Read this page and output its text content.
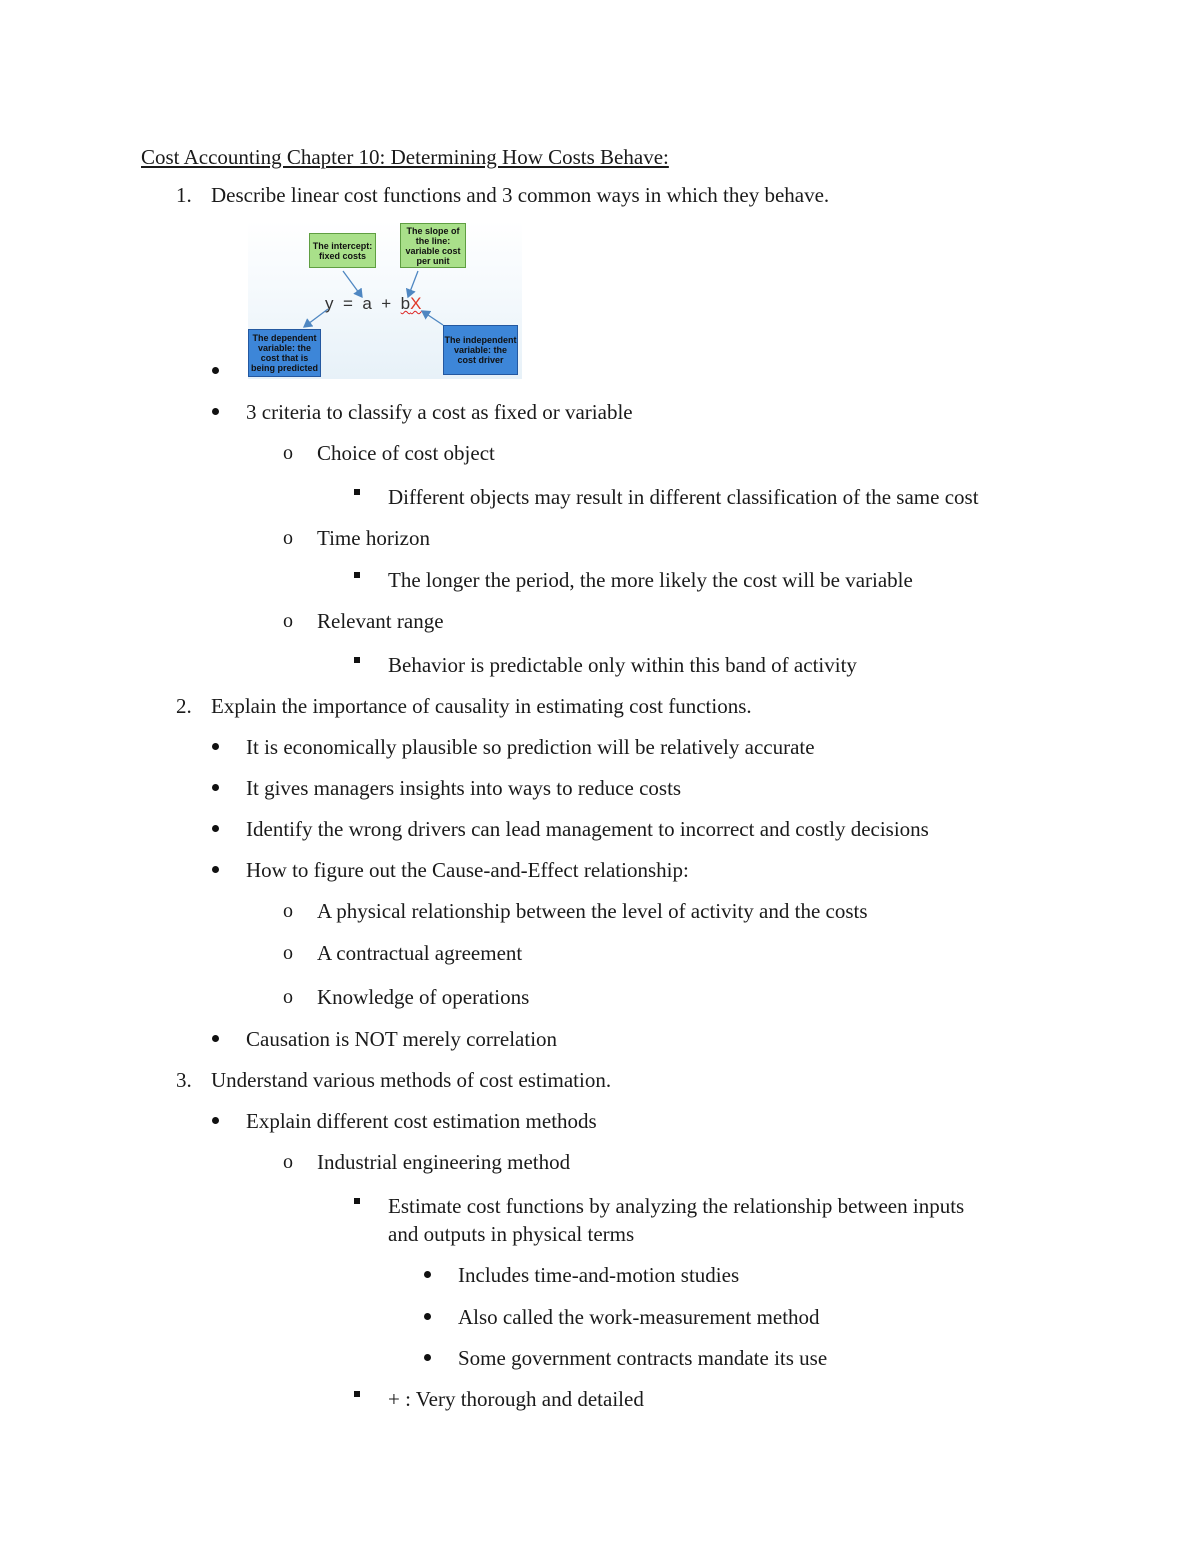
Cost Accounting Chapter 10: Determining How Costs Behave:
1. Describe linear cost functions and 3 common ways in which they behave.
The intercept: fixed costs
The slope of the line: variable cost per unit
The dependent variable: the cost that is being predicted
The independent variable: the cost driver
y = a + bX
3 criteria to classify a cost as fixed or variable
o Choice of cost object
Different objects may result in different classification of the same cost
o Time horizon
The longer the period, the more likely the cost will be variable
o Relevant range
Behavior is predictable only within this band of activity
2. Explain the importance of causality in estimating cost functions.
It is economically plausible so prediction will be relatively accurate
It gives managers insights into ways to reduce costs
Identify the wrong drivers can lead management to incorrect and costly decisions
How to figure out the Cause-and-Effect relationship:
o A physical relationship between the level of activity and the costs
o A contractual agreement
o Knowledge of operations
Causation is NOT merely correlation
3. Understand various methods of cost estimation.
Explain different cost estimation methods
o Industrial engineering method
Estimate cost functions by analyzing the relationship between inputs
and outputs in physical terms
Includes time-and-motion studies
Also called the work-measurement method
Some government contracts mandate its use
+ : Very thorough and detailed
